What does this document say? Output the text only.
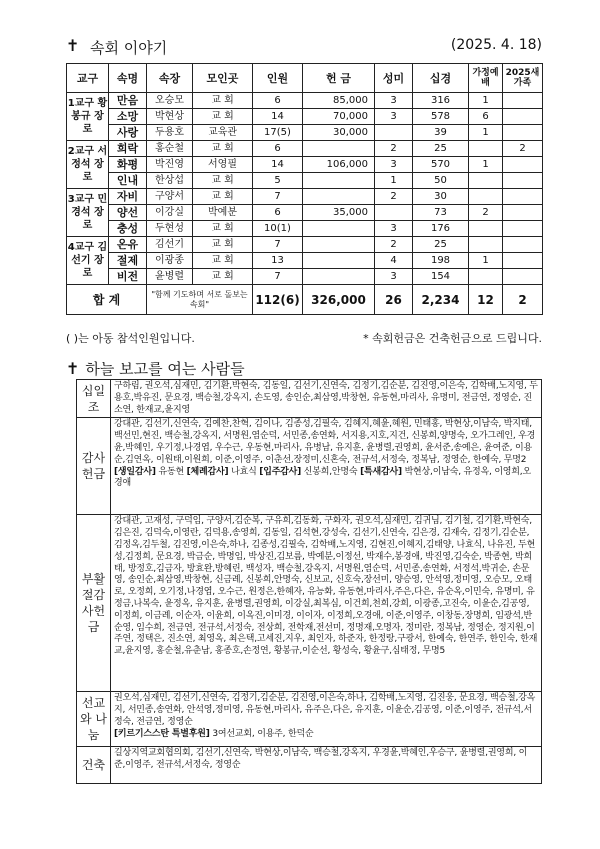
✝ 속회 이야기	(2025. 4. 18)
교구	속명	속장	모인곳	인원	헌 금	성미	십경	가정예배	2025새가족
1교구 황봉규 장로	만음	오승모	교 회	6	85,000	3	316	1	
	소망	박현상	교 회	14	70,000	3	578	6	
	사랑	두용호	교육관	17(5)	30,000		39	1	
2교구 서정석 장로	희락	홍순철	교 회	6		2	25		2
	화평	박진영	서영필	14	106,000	3	570	1	
	인내	한상섭	교 회	5		1	50		
3교구 민경석 장로	자비	구양서	교 회	7		2	30		
	양선	이강실	박예분	6	35,000		73	2	
	충성	두현성	교 회	10(1)		3	176		
4교구 김선기 장로	온유	김선기	교 회	7		2	25		
	절제	이광종	교 회	13		4	198	1	
	비전	윤병렬	교 회	7		3	154		
합 계		"함께 기도하며 서로 돌보는 속회"		112(6)	326,000	26	2,234	12	2
( )는 아동 참석인원입니다.	* 속회헌금은 건축헌금으로 드립니다.
✝ 하늘 보고를 여는 사람들
십일조	구하림, 권오석,심재민, 김기환,박현숙, 김동일, 김선기,신연숙, 김정기,김순분, 김진영,이은숙, 김학배,노지영, 두용호,박유진, 문요경, 백승철,강옥지, 손도영, 송인순,최삼영,박창현, 유동현,마리사, 유명미, 전금연, 정영순, 진소연, 한재교,윤지영
감사헌금	강대관, 김선기,신연숙, 김예찬,찬혁, 김이나, 김종성,김필숙, 김혜지,혜윤,혜원, 민태홍, 박현상,이남숙, 박지태, 백선민,현진, 백승철,강옥지, 서명원,염순덕, 서민종,송연화, 서지용,지호,지건, 신봉희,양명숙, 오가그레인, 우경윤,박혜인, 우기정,나경엽, 우수근, 우동현,마리사, 유병남, 유지훈, 윤병렬,권영희, 윤서준,송예은, 윤여준, 이용순,김연옥, 이원태,이원희, 이준,이영주, 이춘선,장정미,신혼숙, 전규석,서정숙, 정복남, 정영순, 한예숙, 무명2 [생일감사] 유동현 [체례감사] 나효식 [입주감사] 신봉희,안명숙 [특새감사] 박현상,이남숙, 유정옥, 이영희,오경애
부활절감사헌금	강대관, 고재성, 구덕임, 구양서,김순복, 구유희,김동화, 구화자, 권오석,심재민, 김귀님, 김기철, 김기환,박현숙,김은진, 김덕숙,이영란, 김덕용,송영희, 김동일, 김석현,강성숙, 김선기,신연숙, 김은경, 김재숙, 김정기,김순분, 김정옥,김두철, 김진영,이은숙,하나, 김종성,김필숙, 김학배,노지영, 김현진,이혜지,김태양, 나효식, 나유진, 두현성,김정희, 문요경, 박금순, 박명임, 박상진,김보름, 박예분,이정선, 박재수,봉경애, 박진영,김숙순, 박종현, 박희태, 방정호,김금자, 방효완,방혜린, 백성자, 백승철,강옥지, 서명원,염순덕, 서민종,송연화, 서정석,박귀순, 손문영, 송인순,최삼영,박창현, 신금례, 신봉희,안명숙, 신보교, 신호숙,장선미, 양승영, 안석영,정미영, 오승모, 오태로, 오정희, 오기정,나경엽, 오수근, 원정은,한혜자, 유능화, 유동현,마리사,주은,다은, 유순옥,이민숙, 유명미, 유정금,나복숙, 윤정옥, 유지훈, 윤병렬,권영희, 이강실,최복심, 이건희,천희,강희, 이광종,고진숙, 이윤순,김공영, 이정희, 이금례, 이순자, 이윤희, 이옥진,이미경, 이이자, 이정희,오경애, 이준,이영주, 이창동,장명희, 임광석,반순영, 임수희, 전금연, 전규석,서정숙, 전상희, 전학재,전선미, 정명재,오명자, 정미란, 정복남, 정영순, 정지원,이주연, 정택은, 진소연, 최영옥, 최은택,고세진,지우, 최인자, 하준자, 한정랑,구광서, 한예숙, 한연주, 한인숙, 한재교,윤지영, 홍순철,유춘남, 홍종호,손정연, 황봉규,이순선, 황성숙, 황윤구,심태정, 무명5
선교와 나눔	권오석,심재민, 김선기,신연숙, 김정기,김순분, 김진영,이은숙,하나, 김학배,노지영, 김진웅, 문요경, 백승철,강옥지, 서민종,송연화, 안석영,정미영, 유동현,마리사, 유주은,다은, 유지훈, 이윤순,김공영, 이준,이영주, 전규석,서정숙, 전금연, 정영순
[키르기스스탄 특별후원] 3여선교회, 이용주, 한덕순
건축	길상지역교회협의회, 김선기,신연숙, 박현상,이남숙, 백승철,강옥지, 우경윤,박혜인,우승구, 윤병렬,권영희, 이준,이영주, 전규석,서정숙, 정영순
